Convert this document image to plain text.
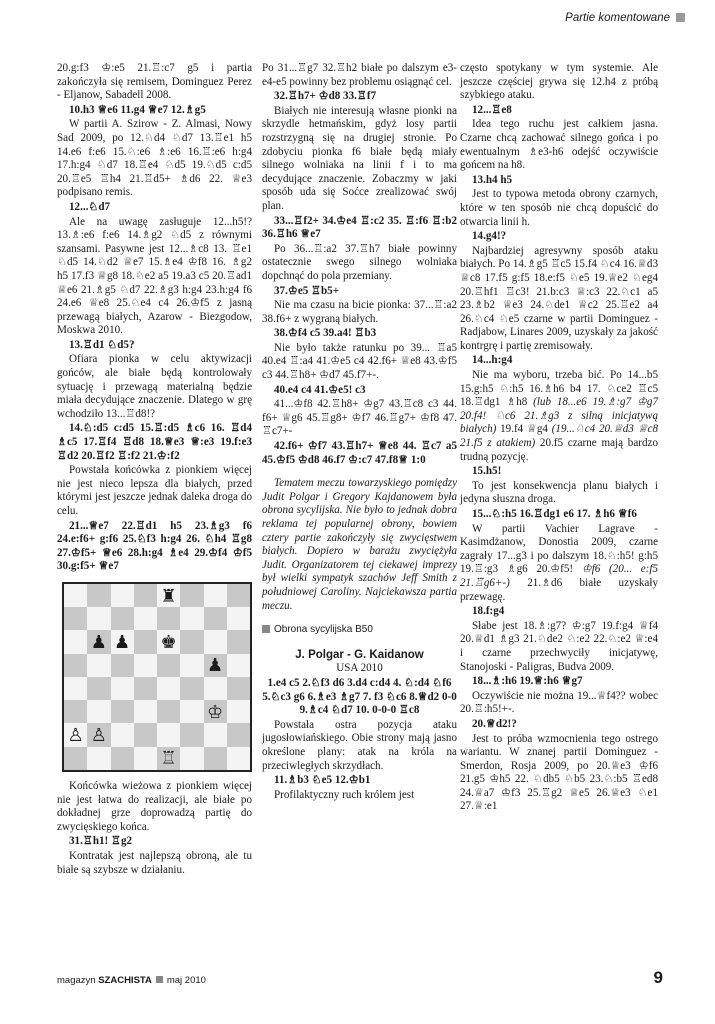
Partie komentowane

20.g:f3 ♔:e5 21.♖:c7 g5 i partia zakończyła się remisem, Dominguez Perez - Eljanow, Sabadell 2008.

10.h3 ♕e6 11.g4 ♕e7 12.♗g5

W partii A. Szirow - Z. Almasi, Nowy Sad 2009, po 12.♘d4 ♘d7 13.♖e1 h5 14.e6 f:e6 15.♘:e6 ♗:e6 16.♖:e6 h:g4 17.h:g4 ♘d7 18.♖e4 ♘d5 19.♘d5 c:d5 20.♖e5 ♖h4 21.♖d5+ ♗d6 22. ♕e3 podpisano remis.

12...♘d7

Ale na uwagę zasługuje 12...h5!? 13.♗:e6 f:e6 14.♗g2 ♘d5 z równymi szansami. Pasywne jest 12...♗c8 13. ♖e1 ♘d5 14.♘d2 ♕e7 15.♗e4 ♔f8 16. ♗g2 h5 17.f3 ♕g8 18.♘e2 a5 19.a3 c5 20.♖ad1 ♕e6 21.♗g5 ♘d7 22.♗g3 h:g4 23.h:g4 f6 24.e6 ♕e8 25.♘e4 c4 26.♔f5 z jasną przewagą białych, Azarow - Biezgodow, Moskwa 2010.

13.♖d1 ♘d5?

Ofiara pionka w celu aktywizacji gońców, ale białe będą kontrolowały sytuację i przewagą materialną będzie miała decydujące znaczenie. Dlatego w grę wchodziło 13...♖d8!?

14.♘:d5 c:d5 15.♖:d5 ♗c6 16. ♖d4 ♗c5 17.♖f4 ♖d8 18.♕e3 ♕:e3 19.f:e3 ♖d2 20.♖f2 ♖:f2 21.♔:f2

Powstała końcówka z pionkiem więcej nie jest nieco lepsza dla białych, przed którymi jest jeszcze jednak daleka droga do celu.

21...♕e7 22.♖d1 h5 23.♗g3 f6 24.e:f6+ g:f6 25.♘f3 h:g4 26. ♘h4 ♖g8 27.♔f5+ ♕e6 28.h:g4 ♗e4 29.♔f4 ♔f5 30.g:f5+ ♕e7

♜
♟ ♟ ♚
♟
♔
♙ ♙
♖

Końcówka wieżowa z pionkiem więcej nie jest łatwa do realizacji, ale białe po dokładnej grze doprowadzą partię do zwycięskiego końca.

31.♖h1! ♖g2

Kontratak jest najlepszą obroną, ale tu białe są szybsze w działaniu.

Po 31...♖g7 32.♖h2 białe po dalszym e3-e4-e5 powinny bez problemu osiągnąć cel.

32.♖h7+ ♔d8 33.♖f7

Białych nie interesują własne pionki na skrzydle hetmańskim, gdyż losy partii rozstrzygną się na drugiej stronie. Po zdobyciu pionka f6 białe będą miały silnego wolniaka na linii f i to ma decydujące znaczenie. Zobaczmy w jaki sposób uda się Soćce zrealizować swój plan.

33...♖f2+ 34.♔e4 ♖:c2 35. ♖:f6 ♖:b2 36.♖h6 ♕e7

Po 36...♖:a2 37.♖h7 białe powinny ostatecznie swego silnego wolniaka dopchnąć do pola przemiany.

37.♔e5 ♖b5+

Nie ma czasu na bicie pionka: 37...♖:a2 38.f6+ z wygraną białych.

38.♔f4 c5 39.a4! ♖b3

Nie było także ratunku po 39... ♖a5 40.e4 ♖:a4 41.♔e5 c4 42.f6+ ♕e8 43.♔f5 c3 44.♖h8+ ♔d7 45.f7+-.

40.e4 c4 41.♔e5! c3

41...♔f8 42.♖h8+ ♔g7 43.♖c8 c3 44. f6+ ♕g6 45.♖g8+ ♔f7 46.♖g7+ ♔f8 47. ♖c7+-

42.f6+ ♔f7 43.♖h7+ ♕e8 44. ♖c7 a5 45.♔f5 ♔d8 46.f7 ♔:c7 47.f8♕ 1:0

Tematem meczu towarzyskiego pomiędzy Judit Polgar i Gregory Kajdanowem była obrona sycylijska. Nie było to jednak dobra reklama tej popularnej obrony, bowiem cztery partie zakończyły się zwycięstwem białych. Dopiero w barażu zwyciężyła Judit. Organizatorem tej ciekawej imprezy był wielki sympatyk szachów Jeff Smith z południowej Caroliny. Najciekawsza partia meczu.

Obrona sycylijska B50
J. Polgar - G. Kaidanow
USA 2010

1.e4 c5 2.♘f3 d6 3.d4 c:d4 4. ♘:d4 ♘f6 5.♘c3 g6 6.♗e3 ♗g7 7. f3 ♘c6 8.♕d2 0-0 9.♗c4 ♘d7 10. 0-0-0 ♖c8

Powstała ostra pozycja ataku jugosłowiańskiego. Obie strony mają jasno określone plany: atak na króla na przeciwległych skrzydłach.

11.♗b3 ♘e5 12.♔b1

Profilaktyczny ruch królem jest

często spotykany w tym systemie. Ale jeszcze częściej grywa się 12.h4 z próbą szybkiego ataku.

12...♖e8

Idea tego ruchu jest całkiem jasna. Czarne chcą zachować silnego gońca i po ewentualnym ♗e3-h6 odejść oczywiście gońcem na h8.

13.h4 h5

Jest to typowa metoda obrony czarnych, które w ten sposób nie chcą dopuścić do otwarcia linii h.

14.g4!?

Najbardziej agresywny sposób ataku białych. Po 14.♗g5 ♖c5 15.f4 ♘c4 16.♕d3 ♕c8 17.f5 g:f5 18.e:f5 ♘e5 19.♕e2 ♘eg4 20.♖hf1 ♖c3! 21.b:c3 ♕:c3 22.♘c1 a5 23.♗b2 ♕e3 24.♘de1 ♕c2 25.♖e2 a4 26.♘c4 ♘e5 czarne w partii Dominguez - Radjabow, Linares 2009, uzyskały za jakość kontrgrę i partię zremisowały.

14...h:g4

Nie ma wyboru, trzeba bić. Po 14...b5 15.g:h5 ♘:h5 16.♗h6 b4 17. ♘ce2 ♖c5 18.♖dg1 ♗h8 (lub 18...e6 19.♗:g7 ♔g7 20.f4! ♘c6 21.♗g3 z silną inicjatywą białych) 19.f4 ♕g4 (19...♘c4 20.♕d3 ♕c8 21.f5 z atakiem) 20.f5 czarne mają bardzo trudną pozycję.

15.h5!

To jest konsekwencja planu białych i jedyna słuszna droga.

15...♘:h5 16.♖dg1 e6 17. ♗h6 ♕f6

W partii Vachier Lagrave - Kasimdżanow, Donostia 2009, czarne zagrały 17...g3 i po dalszym 18.♘:h5! g:h5 19.♖:g3 ♗g6 20.♔f5! ♔f6 (20... e:f5 21.♖g6+-) 21.♗d6 białe uzyskały przewagę.

18.f:g4

Słabe jest 18.♗:g7? ♔:g7 19.f:g4 ♕f4 20.♕d1 ♗g3 21.♘de2 ♘:e2 22.♘:e2 ♕:e4 i czarne przechwyciły inicjatywę, Stanojoski - Paligras, Budva 2009.

18...♗:h6 19.♕:h6 ♕g7

Oczywiście nie można 19...♕f4?? wobec 20.♖:h5!+-.

20.♕d2!?

Jest to próba wzmocnienia tego ostrego wariantu. W znanej partii Dominguez - Smerdon, Rosja 2009, po 20.♕e3 ♔f6 21.g5 ♔h5 22. ♘db5 ♘b5 23.♘:b5 ♖ed8 24.♕a7 ♔f3 25.♖g2 ♕e5 26.♕e3 ♘e1 27.♕:e1

magazyn SZACHISTA maj 2010	9
